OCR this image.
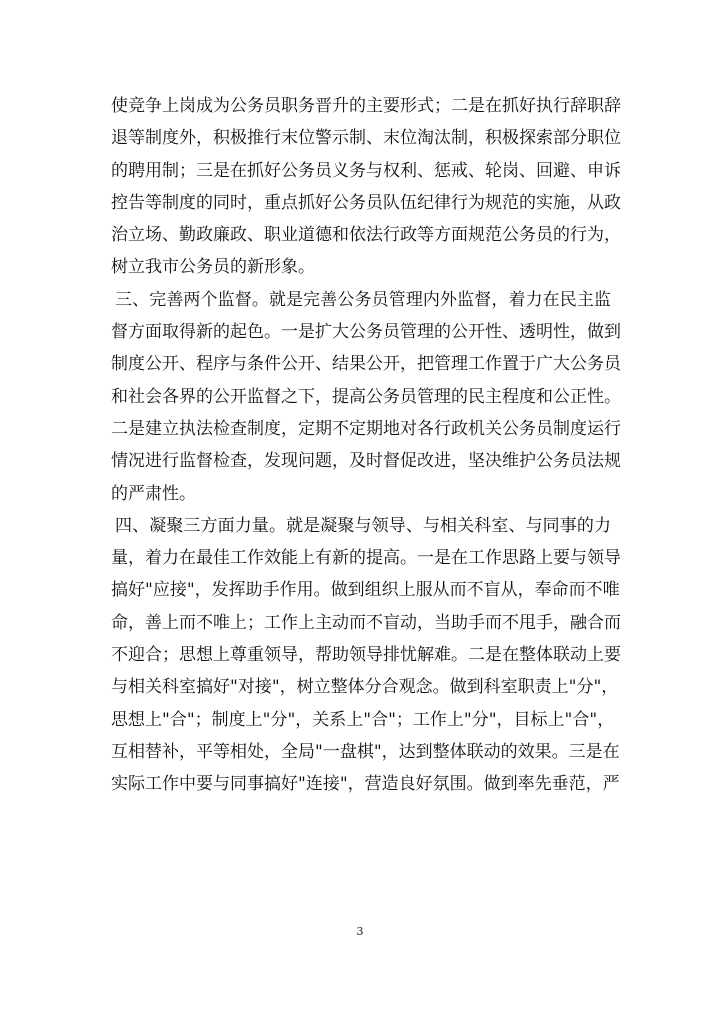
使竞争上岗成为公务员职务晋升的主要形式；二是在抓好执行辞职辞
退等制度外，积极推行末位警示制、末位淘汰制，积极探索部分职位
的聘用制；三是在抓好公务员义务与权利、惩戒、轮岗、回避、申诉
控告等制度的同时，重点抓好公务员队伍纪律行为规范的实施，从政
治立场、勤政廉政、职业道德和依法行政等方面规范公务员的行为，
树立我市公务员的新形象。
三、完善两个监督。就是完善公务员管理内外监督，着力在民主监
督方面取得新的起色。一是扩大公务员管理的公开性、透明性，做到
制度公开、程序与条件公开、结果公开，把管理工作置于广大公务员
和社会各界的公开监督之下，提高公务员管理的民主程度和公正性。
二是建立执法检查制度，定期不定期地对各行政机关公务员制度运行
情况进行监督检查，发现问题，及时督促改进，坚决维护公务员法规
的严肃性。
四、凝聚三方面力量。就是凝聚与领导、与相关科室、与同事的力
量，着力在最佳工作效能上有新的提高。一是在工作思路上要与领导
搞好"应接"，发挥助手作用。做到组织上服从而不盲从，奉命而不唯
命，善上而不唯上；工作上主动而不盲动，当助手而不甩手，融合而
不迎合；思想上尊重领导，帮助领导排忧解难。二是在整体联动上要
与相关科室搞好"对接"，树立整体分合观念。做到科室职责上"分"，
思想上"合"；制度上"分"，关系上"合"；工作上"分"，目标上"合"，
互相替补，平等相处，全局"一盘棋"，达到整体联动的效果。三是在
实际工作中要与同事搞好"连接"，营造良好氛围。做到率先垂范，严
3
